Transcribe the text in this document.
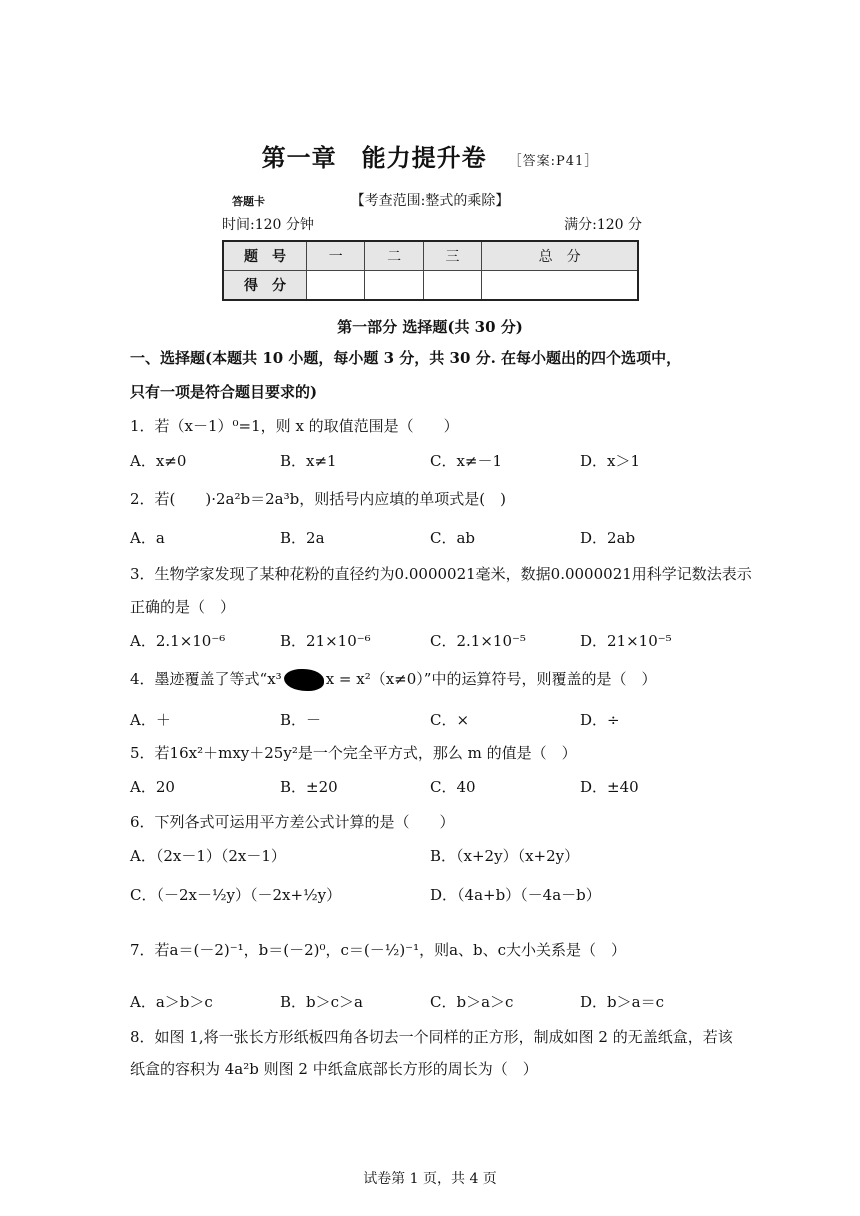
第一章　能力提升卷 ［答案:P41］
答题卡	【考查范围:整式的乘除】
时间:120 分钟	满分:120 分
题　号	一	二	三	总　分
得　分				
第一部分 选择题(共 30 分)
一、选择题(本题共 10 小题，每小题 3 分，共 30 分. 在每小题出的四个选项中，
只有一项是符合题目要求的)
1．若（x－1）⁰=1，则 x 的取值范围是（　　）
A．x≠0	B．x≠1	C．x≠－1	D．x＞1
2．若(　　)·2a²b＝2a³b，则括号内应填的单项式是(　)
A．a	B．2a	C．ab	D．2ab
3．生物学家发现了某种花粉的直径约为0.0000021毫米，数据0.0000021用科学记数法表示
正确的是（　）
A．2.1×10⁻⁶	B．21×10⁻⁶	C．2.1×10⁻⁵	D．21×10⁻⁵
4．墨迹覆盖了等式“x³	x = x²（x≠0）”中的运算符号，则覆盖的是（　）
A．＋	B．－	C．×	D．÷
5．若16x²＋mxy＋25y²是一个完全平方式，那么 m 的值是（　）
A．20	B．±20	C．40	D．±40
6．下列各式可运用平方差公式计算的是（　　）
A．（2x－1）（2x－1）	B．（x+2y）（x+2y）
C．（－2x－½y）（－2x+½y）	D．（4a+b）（－4a－b）
7．若a＝(－2)⁻¹，b＝(－2)⁰，c＝(－½)⁻¹，则a、b、c大小关系是（　）
A．a＞b＞c	B．b＞c＞a	C．b＞a＞c	D．b＞a＝c
8．如图 1,将一张长方形纸板四角各切去一个同样的正方形，制成如图 2 的无盖纸盒，若该
纸盒的容积为 4a²b 则图 2 中纸盒底部长方形的周长为（　）
试卷第 1 页，共 4 页
